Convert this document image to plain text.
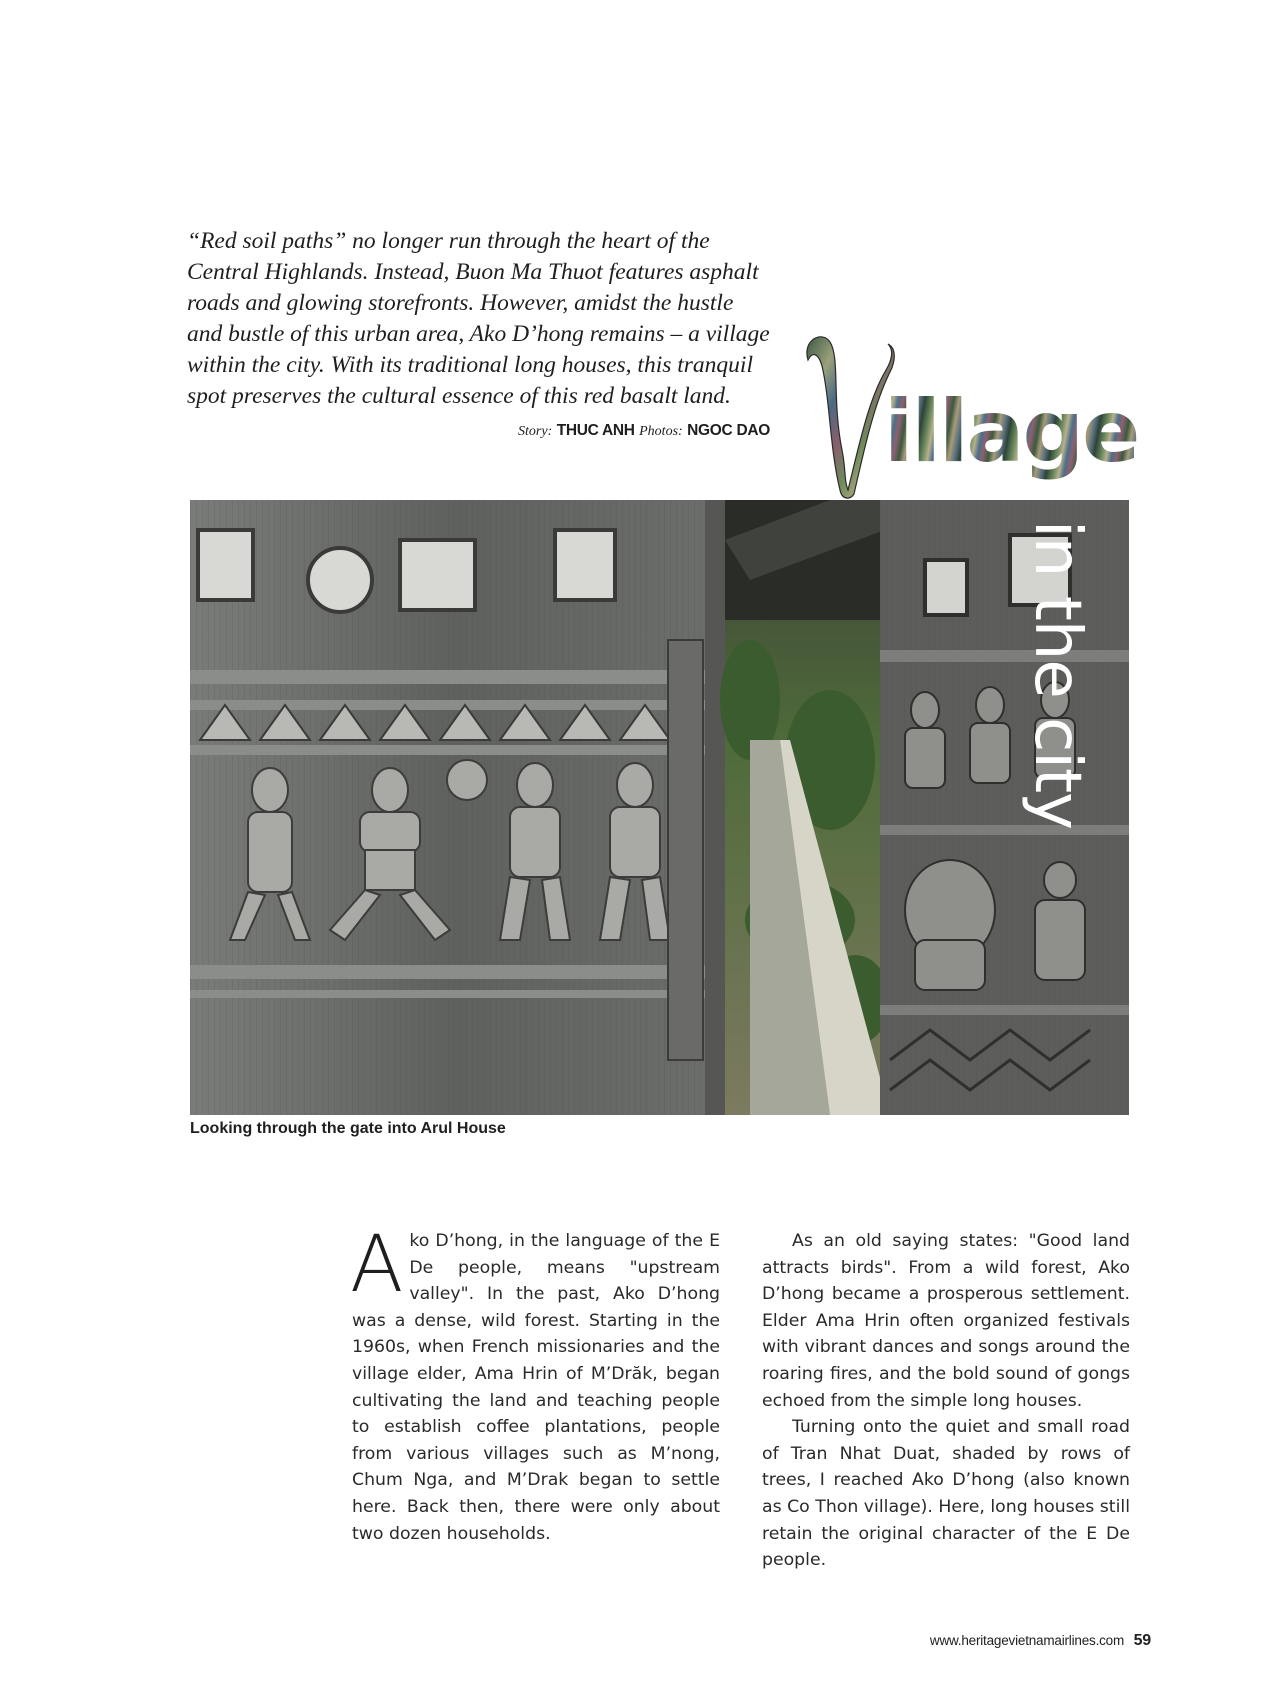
“Red soil paths” no longer run through the heart of the Central Highlands. Instead, Buon Ma Thuot features asphalt roads and glowing storefronts. However, amidst the hustle and bustle of this urban area, Ako D’hong remains – a village within the city. With its traditional long houses, this tranquil spot preserves the cultural essence of this red basalt land.

Story: THUC ANH Photos: NGOC DAO illage
in the city
Looking through the gate into Arul House
A ko D’hong, in the language of the E De people, means "upstream valley". In the past, Ako D’hong was a dense, wild forest. Starting in the 1960s, when French missionaries and the village elder, Ama Hrin of M’Drăk, began cultivating the land and teaching people to establish coffee plantations, people from various villages such as M’nong, Chum Nga, and M’Drak began to settle here. Back then, there were only about two dozen households.

As an old saying states: "Good land attracts birds". From a wild forest, Ako D’hong became a prosperous settlement. Elder Ama Hrin often organized festivals with vibrant dances and songs around the roaring fires, and the bold sound of gongs echoed from the simple long houses.

Turning onto the quiet and small road of Tran Nhat Duat, shaded by rows of trees, I reached Ako D’hong (also known as Co Thon village). Here, long houses still retain the original character of the E De people.

www.heritagevietnamairlines.com 59
